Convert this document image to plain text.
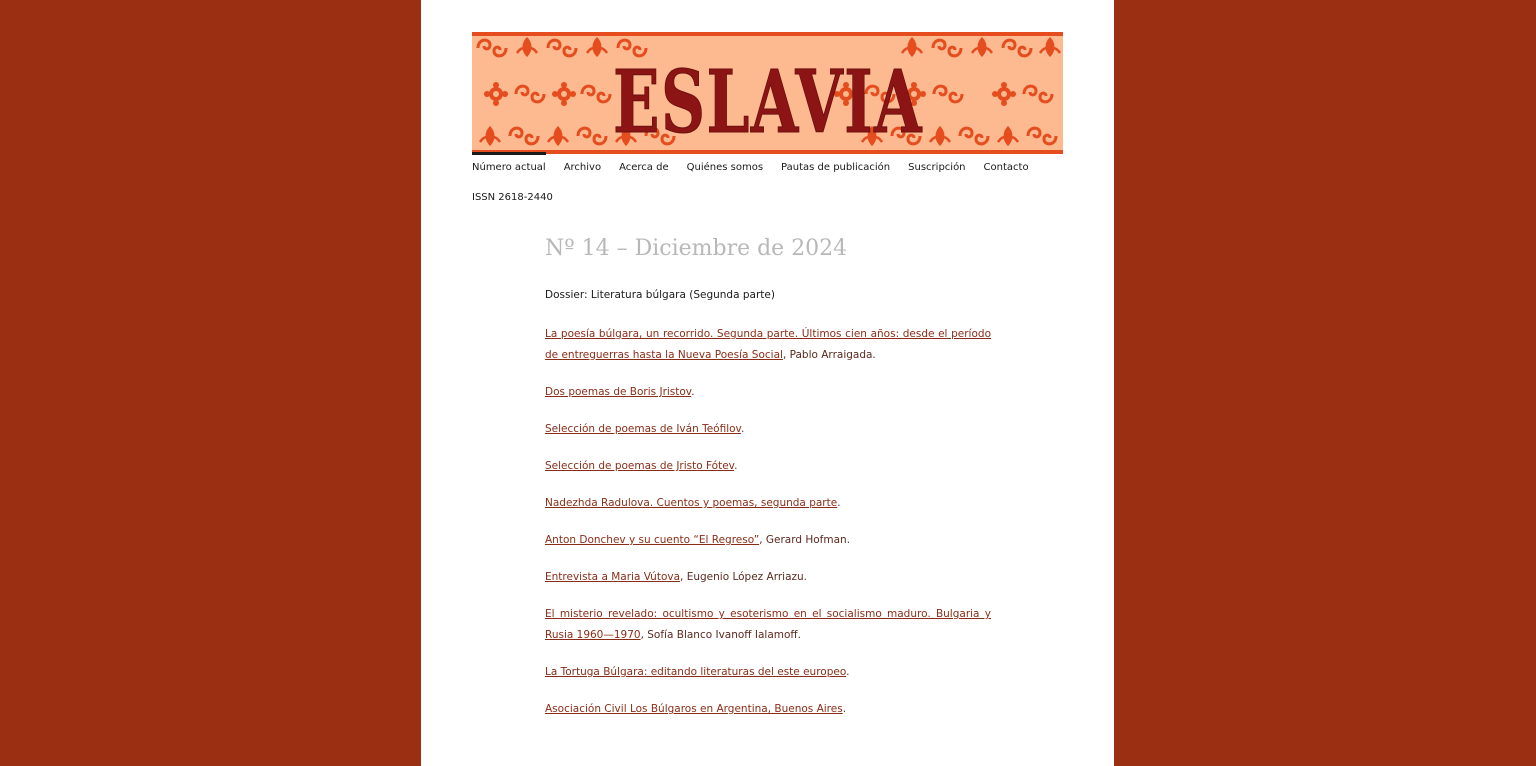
ESLAVIA
Número actual Archivo Acerca de Quiénes somos Pautas de publicación Suscripción Contacto
ISSN 2618-2440
Nº 14 – Diciembre de 2024
Dossier: Literatura búlgara (Segunda parte)

La poesía búlgara, un recorrido. Segunda parte. Últimos cien años: desde el período de entreguerras hasta la Nueva Poesía Social, Pablo Arraigada.

Dos poemas de Boris Jristov.

Selección de poemas de Iván Teófilov.

Selección de poemas de Jristo Fótev.

Nadezhda Radulova. Cuentos y poemas, segunda parte.

Anton Donchev y su cuento “El Regreso”, Gerard Hofman.

Entrevista a Maria Vútova, Eugenio López Arriazu.

El misterio revelado: ocultismo y esoterismo en el socialismo maduro. Bulgaria y Rusia 1960—1970, Sofía Blanco Ivanoff Ialamoff.

La Tortuga Búlgara: editando literaturas del este europeo.

Asociación Civil Los Búlgaros en Argentina, Buenos Aires.
